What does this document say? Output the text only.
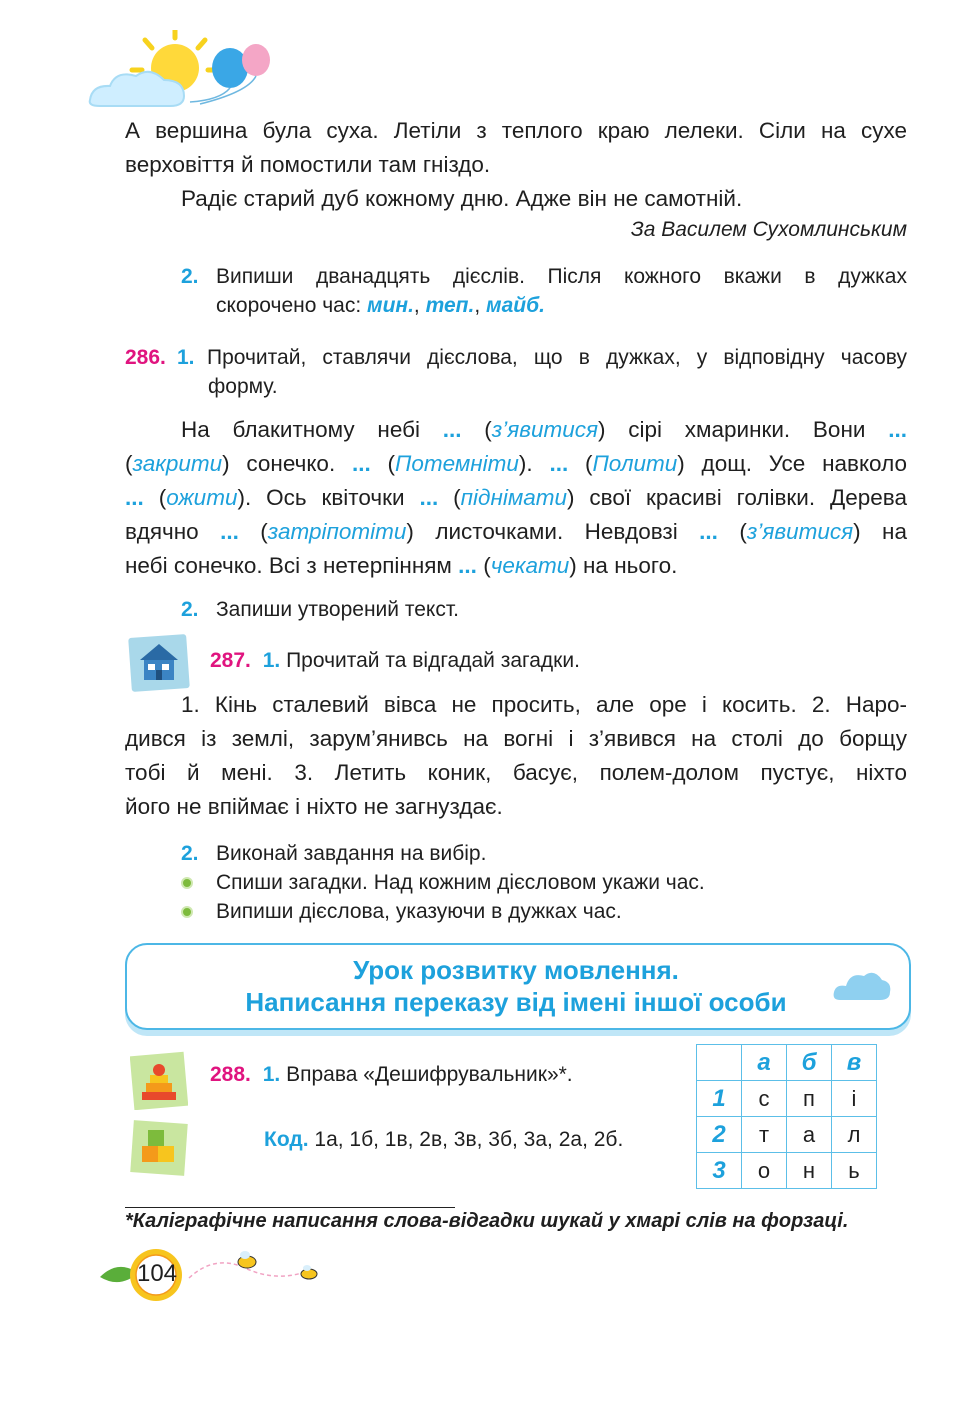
А вершина була суха. Летіли з теплого краю лелеки. Сіли на сухе
верховіття й помостили там гніздо.
Радіє старий дуб кожному дню. Адже він не самотній.
За Василем Сухомлинським
2. Випиши дванадцять дієслів. Після кожного вкажи в дужках
скорочено час: мин., теп., майб.
286. 1. Прочитай, ставлячи дієслова, що в дужках, у відповідну часову
форму.
На блакитному небі ... (з’явитися) сірі хмаринки. Вони ...
(закрити) сонечко. ... (Потемніти). ... (Полити) дощ. Усе навколо
... (ожити). Ось квіточки ... (піднімати) свої красиві голівки. Дерева
вдячно ... (затріпотіти) листочками. Невдовзі ... (з’явитися) на
небі сонечко. Всі з нетерпінням ... (чекати) на нього.
2. Запиши утворений текст.
287. 1. Прочитай та відгадай загадки.
1. Кінь сталевий вівса не просить, але оре і косить. 2. Наро-
дився із землі, зарум’янивсь на вогні і з’явився на столі до борщу
тобі й мені. 3. Летить коник, басує, полем-долом пустує, ніхто
його не впіймає і ніхто не загнуздає.
2. Виконай завдання на вибір.
Спиши загадки. Над кожним дієсловом укажи час.
Випиши дієслова, указуючи в дужках час.
Урок розвитку мовлення.
Написання переказу від імені іншої особи
288. 1. Вправа «Дешифрувальник»*.
Код. 1а, 1б, 1в, 2в, 3в, 3б, 3а, 2а, 2б.
	а	б	в
1	с	п	і
2	т	а	л
3	о	н	ь
*Каліграфічне написання слова-відгадки шукай у хмарі слів на форзаці.
104
